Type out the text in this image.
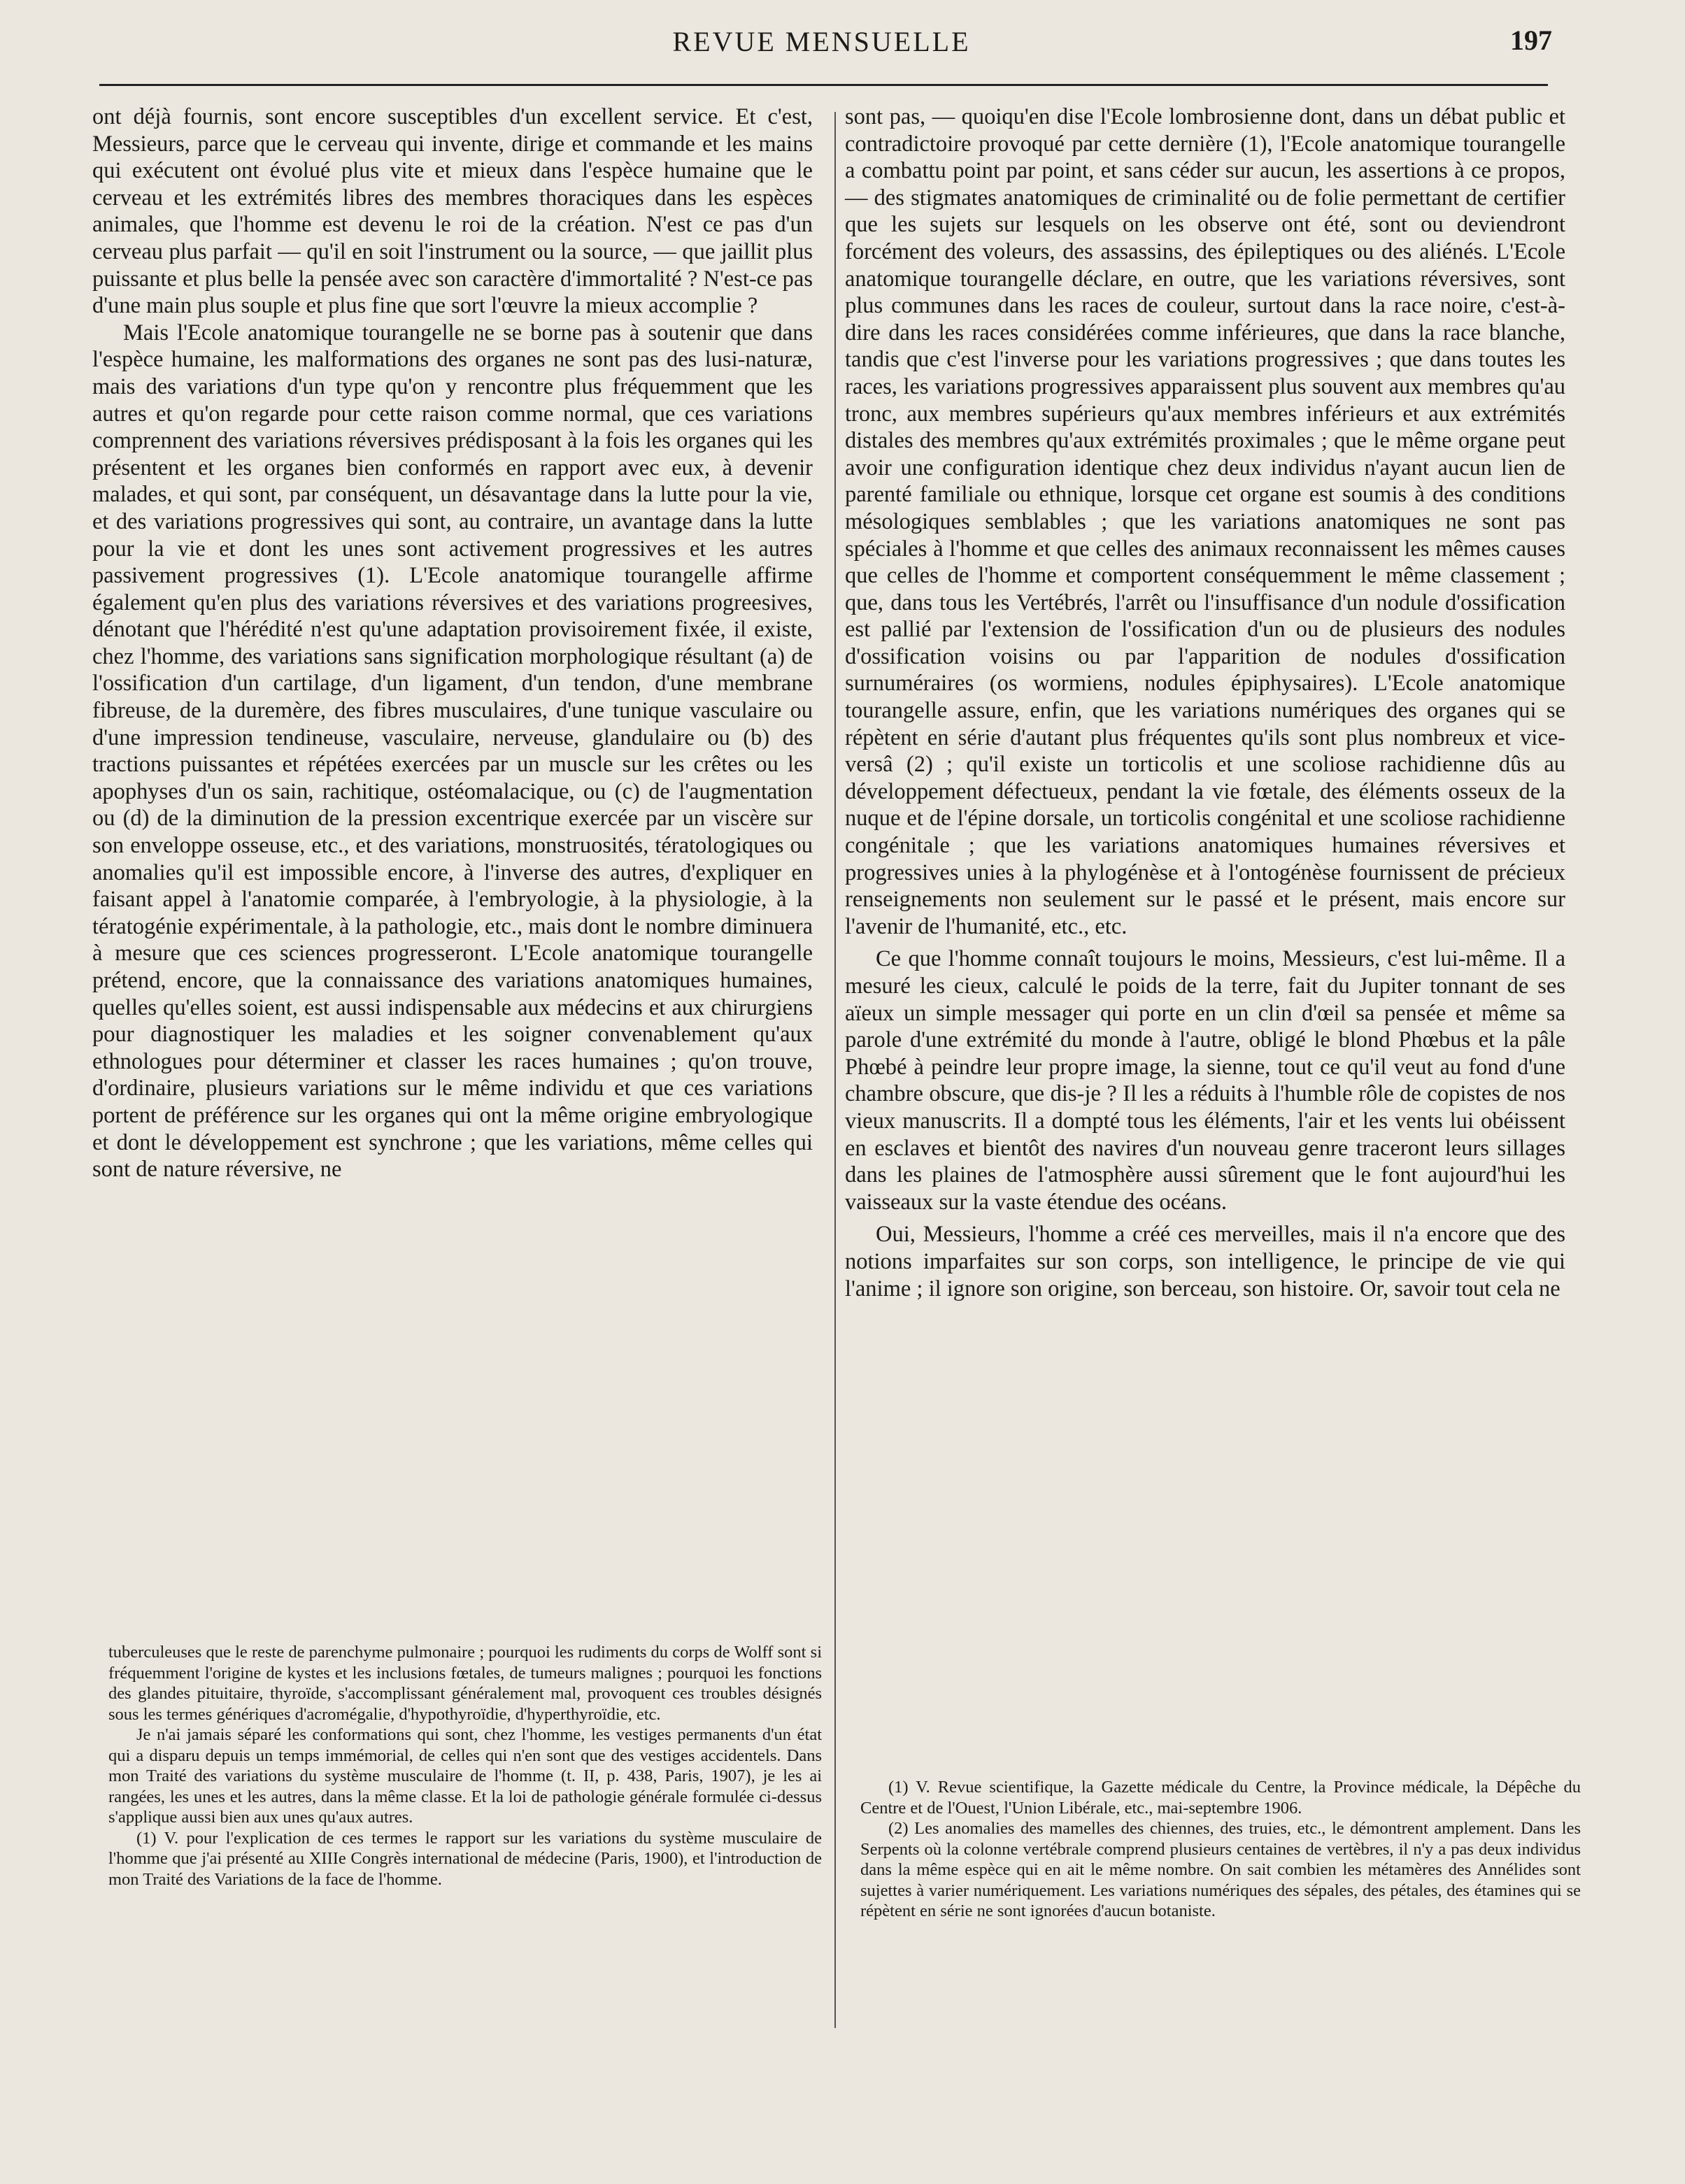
REVUE MENSUELLE	197

ont déjà fournis, sont encore susceptibles d'un excellent service. Et c'est, Messieurs, parce que le cerveau qui invente, dirige et commande et les mains qui exécutent ont évolué plus vite et mieux dans l'espèce humaine que le cerveau et les extrémités libres des membres thoraciques dans les espèces animales, que l'homme est devenu le roi de la création. N'est ce pas d'un cerveau plus parfait — qu'il en soit l'instrument ou la source, — que jaillit plus puissante et plus belle la pensée avec son caractère d'immortalité ? N'est-ce pas d'une main plus souple et plus fine que sort l'œuvre la mieux accomplie ?

Mais l'Ecole anatomique tourangelle ne se borne pas à soutenir que dans l'espèce humaine, les malformations des organes ne sont pas des lusi-naturæ, mais des variations d'un type qu'on y rencontre plus fréquemment que les autres et qu'on regarde pour cette raison comme normal, que ces variations comprennent des variations réversives prédisposant à la fois les organes qui les présentent et les organes bien conformés en rapport avec eux, à devenir malades, et qui sont, par conséquent, un désavantage dans la lutte pour la vie, et des variations progressives qui sont, au contraire, un avantage dans la lutte pour la vie et dont les unes sont activement progressives et les autres passivement progressives (1). L'Ecole anatomique tourangelle affirme également qu'en plus des variations réversives et des variations progreesives, dénotant que l'hérédité n'est qu'une adaptation provisoirement fixée, il existe, chez l'homme, des variations sans signification morphologique résultant (a) de l'ossification d'un cartilage, d'un ligament, d'un tendon, d'une membrane fibreuse, de la duremère, des fibres musculaires, d'une tunique vasculaire ou d'une impression tendineuse, vasculaire, nerveuse, glandulaire ou (b) des tractions puissantes et répétées exercées par un muscle sur les crêtes ou les apophyses d'un os sain, rachitique, ostéomalacique, ou (c) de l'augmentation ou (d) de la diminution de la pression excentrique exercée par un viscère sur son enveloppe osseuse, etc., et des variations, monstruosités, tératologiques ou anomalies qu'il est impossible encore, à l'inverse des autres, d'expliquer en faisant appel à l'anatomie comparée, à l'embryologie, à la physiologie, à la tératogénie expérimentale, à la pathologie, etc., mais dont le nombre diminuera à mesure que ces sciences progresseront. L'Ecole anatomique tourangelle prétend, encore, que la connaissance des variations anatomiques humaines, quelles qu'elles soient, est aussi indispensable aux médecins et aux chirurgiens pour diagnostiquer les maladies et les soigner convenablement qu'aux ethnologues pour déterminer et classer les races humaines ; qu'on trouve, d'ordinaire, plusieurs variations sur le même individu et que ces variations portent de préférence sur les organes qui ont la même origine embryologique et dont le développement est synchrone ; que les variations, même celles qui sont de nature réversive, ne

tuberculeuses que le reste de parenchyme pulmonaire ; pourquoi les rudiments du corps de Wolff sont si fréquemment l'origine de kystes et les inclusions fœtales, de tumeurs malignes ; pourquoi les fonctions des glandes pituitaire, thyroïde, s'accomplissant généralement mal, provoquent ces troubles désignés sous les termes génériques d'acromégalie, d'hypothyroïdie, d'hyperthyroïdie, etc.

Je n'ai jamais séparé les conformations qui sont, chez l'homme, les vestiges permanents d'un état qui a disparu depuis un temps immémorial, de celles qui n'en sont que des vestiges accidentels. Dans mon Traité des variations du système musculaire de l'homme (t. II, p. 438, Paris, 1907), je les ai rangées, les unes et les autres, dans la même classe. Et la loi de pathologie générale formulée ci-dessus s'applique aussi bien aux unes qu'aux autres.

(1) V. pour l'explication de ces termes le rapport sur les variations du système musculaire de l'homme que j'ai présenté au XIIIe Congrès international de médecine (Paris, 1900), et l'introduction de mon Traité des Variations de la face de l'homme.

sont pas, — quoiqu'en dise l'Ecole lombrosienne dont, dans un débat public et contradictoire provoqué par cette dernière (1), l'Ecole anatomique tourangelle a combattu point par point, et sans céder sur aucun, les assertions à ce propos, — des stigmates anatomiques de criminalité ou de folie permettant de certifier que les sujets sur lesquels on les observe ont été, sont ou deviendront forcément des voleurs, des assassins, des épileptiques ou des aliénés. L'Ecole anatomique tourangelle déclare, en outre, que les variations réversives, sont plus communes dans les races de couleur, surtout dans la race noire, c'est-à-dire dans les races considérées comme inférieures, que dans la race blanche, tandis que c'est l'inverse pour les variations progressives ; que dans toutes les races, les variations progressives apparaissent plus souvent aux membres qu'au tronc, aux membres supérieurs qu'aux membres inférieurs et aux extrémités distales des membres qu'aux extrémités proximales ; que le même organe peut avoir une configuration identique chez deux individus n'ayant aucun lien de parenté familiale ou ethnique, lorsque cet organe est soumis à des conditions mésologiques semblables ; que les variations anatomiques ne sont pas spéciales à l'homme et que celles des animaux reconnaissent les mêmes causes que celles de l'homme et comportent conséquemment le même classement ; que, dans tous les Vertébrés, l'arrêt ou l'insuffisance d'un nodule d'ossification est pallié par l'extension de l'ossification d'un ou de plusieurs des nodules d'ossification voisins ou par l'apparition de nodules d'ossification surnuméraires (os wormiens, nodules épiphysaires). L'Ecole anatomique tourangelle assure, enfin, que les variations numériques des organes qui se répètent en série d'autant plus fréquentes qu'ils sont plus nombreux et vice-versâ (2) ; qu'il existe un torticolis et une scoliose rachidienne dûs au développement défectueux, pendant la vie fœtale, des éléments osseux de la nuque et de l'épine dorsale, un torticolis congénital et une scoliose rachidienne congénitale ; que les variations anatomiques humaines réversives et progressives unies à la phylogénèse et à l'ontogénèse fournissent de précieux renseignements non seulement sur le passé et le présent, mais encore sur l'avenir de l'humanité, etc., etc.

Ce que l'homme connaît toujours le moins, Messieurs, c'est lui-même. Il a mesuré les cieux, calculé le poids de la terre, fait du Jupiter tonnant de ses aïeux un simple messager qui porte en un clin d'œil sa pensée et même sa parole d'une extrémité du monde à l'autre, obligé le blond Phœbus et la pâle Phœbé à peindre leur propre image, la sienne, tout ce qu'il veut au fond d'une chambre obscure, que dis-je ? Il les a réduits à l'humble rôle de copistes de nos vieux manuscrits. Il a dompté tous les éléments, l'air et les vents lui obéissent en esclaves et bientôt des navires d'un nouveau genre traceront leurs sillages dans les plaines de l'atmosphère aussi sûrement que le font aujourd'hui les vaisseaux sur la vaste étendue des océans.

Oui, Messieurs, l'homme a créé ces merveilles, mais il n'a encore que des notions imparfaites sur son corps, son intelligence, le principe de vie qui l'anime ; il ignore son origine, son berceau, son histoire. Or, savoir tout cela ne

(1) V. Revue scientifique, la Gazette médicale du Centre, la Province médicale, la Dépêche du Centre et de l'Ouest, l'Union Libérale, etc., mai-septembre 1906.

(2) Les anomalies des mamelles des chiennes, des truies, etc., le démontrent amplement. Dans les Serpents où la colonne vertébrale comprend plusieurs centaines de vertèbres, il n'y a pas deux individus dans la même espèce qui en ait le même nombre. On sait combien les métamères des Annélides sont sujettes à varier numériquement. Les variations numériques des sépales, des pétales, des étamines qui se répètent en série ne sont ignorées d'aucun botaniste.
